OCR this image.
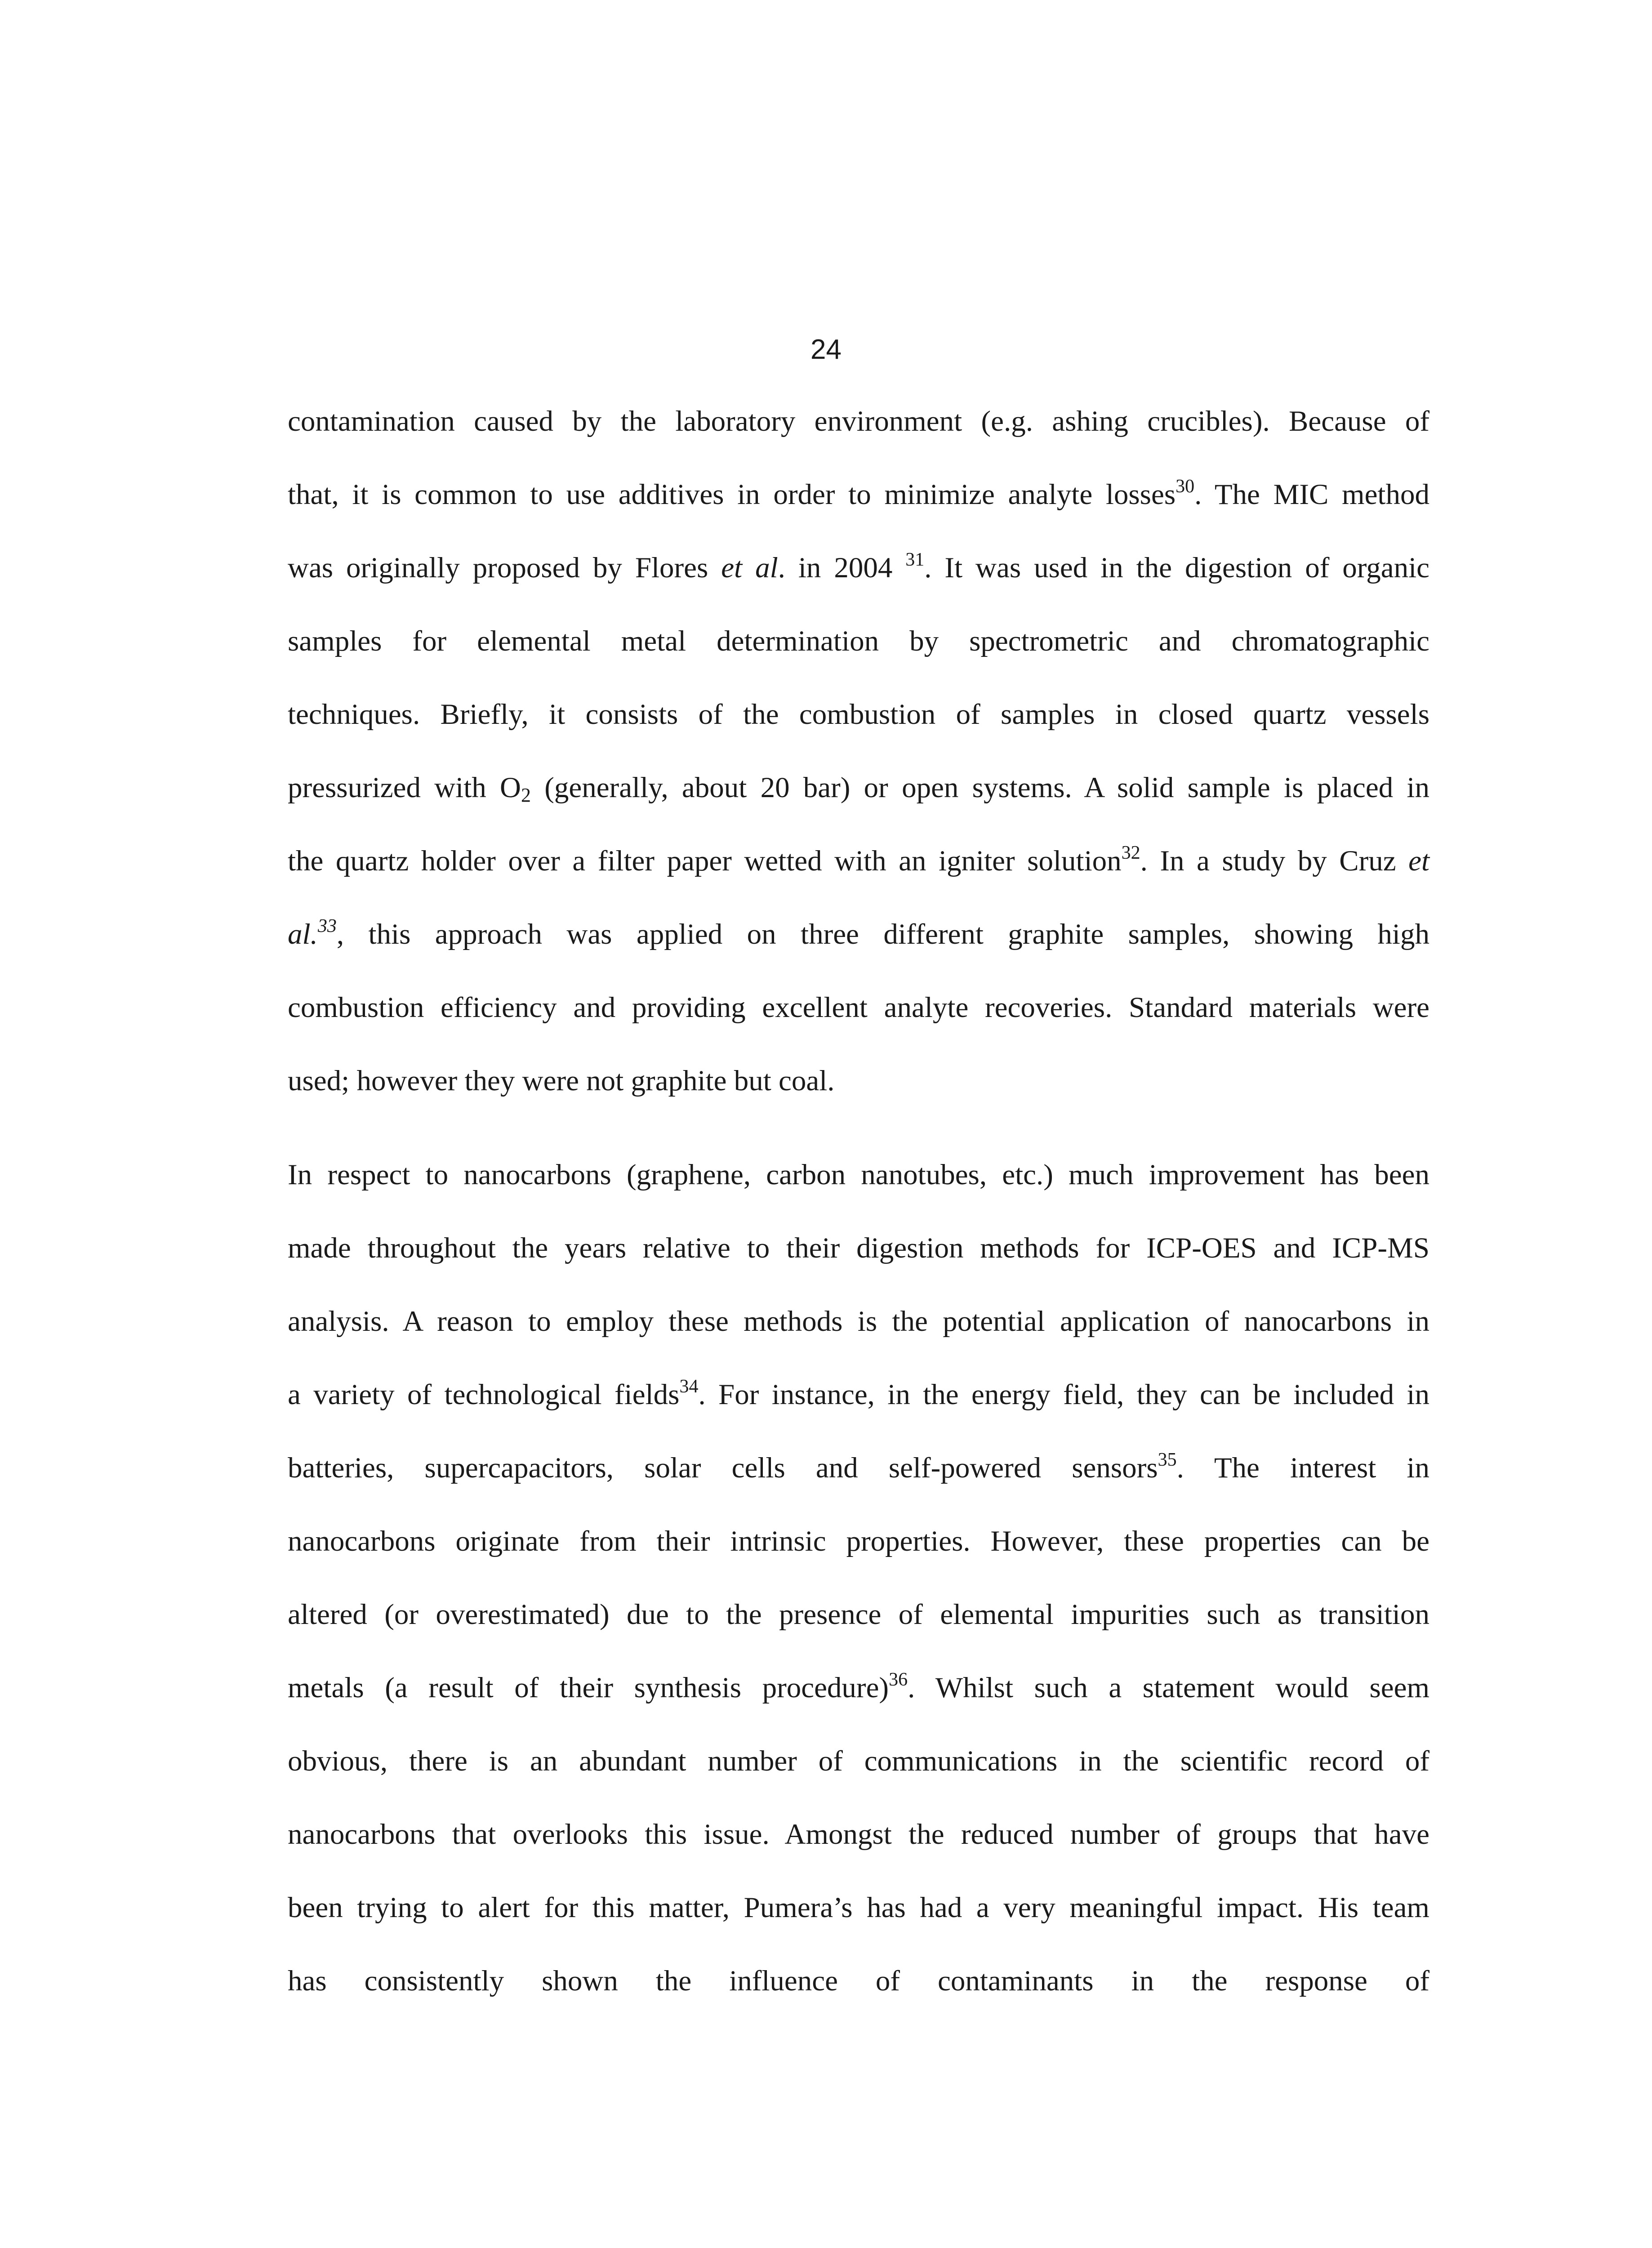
24
contamination caused by the laboratory environment (e.g. ashing crucibles). Because of
that, it is common to use additives in order to minimize analyte losses$^{30}$. The MIC method
was originally proposed by Flores et al. in 2004 $^{31}$. It was used in the digestion of organic
samples for elemental metal determination by spectrometric and chromatographic
techniques. Briefly, it consists of the combustion of samples in closed quartz vessels
pressurized with $O_2$ (generally, about 20 bar) or open systems. A solid sample is placed in
the quartz holder over a filter paper wetted with an igniter solution$^{32}$. In a study by Cruz et
al.$^{33}$, this approach was applied on three different graphite samples, showing high
combustion efficiency and providing excellent analyte recoveries. Standard materials were
used; however they were not graphite but coal.
In respect to nanocarbons (graphene, carbon nanotubes, etc.) much improvement has been
made throughout the years relative to their digestion methods for ICP-OES and ICP-MS
analysis. A reason to employ these methods is the potential application of nanocarbons in
a variety of technological fields$^{34}$. For instance, in the energy field, they can be included in
batteries, supercapacitors, solar cells and self-powered sensors$^{35}$. The interest in
nanocarbons originate from their intrinsic properties. However, these properties can be
altered (or overestimated) due to the presence of elemental impurities such as transition
metals (a result of their synthesis procedure)$^{36}$. Whilst such a statement would seem
obvious, there is an abundant number of communications in the scientific record of
nanocarbons that overlooks this issue. Amongst the reduced number of groups that have
been trying to alert for this matter, Pumera’s has had a very meaningful impact. His team
has consistently shown the influence of contaminants in the response of
